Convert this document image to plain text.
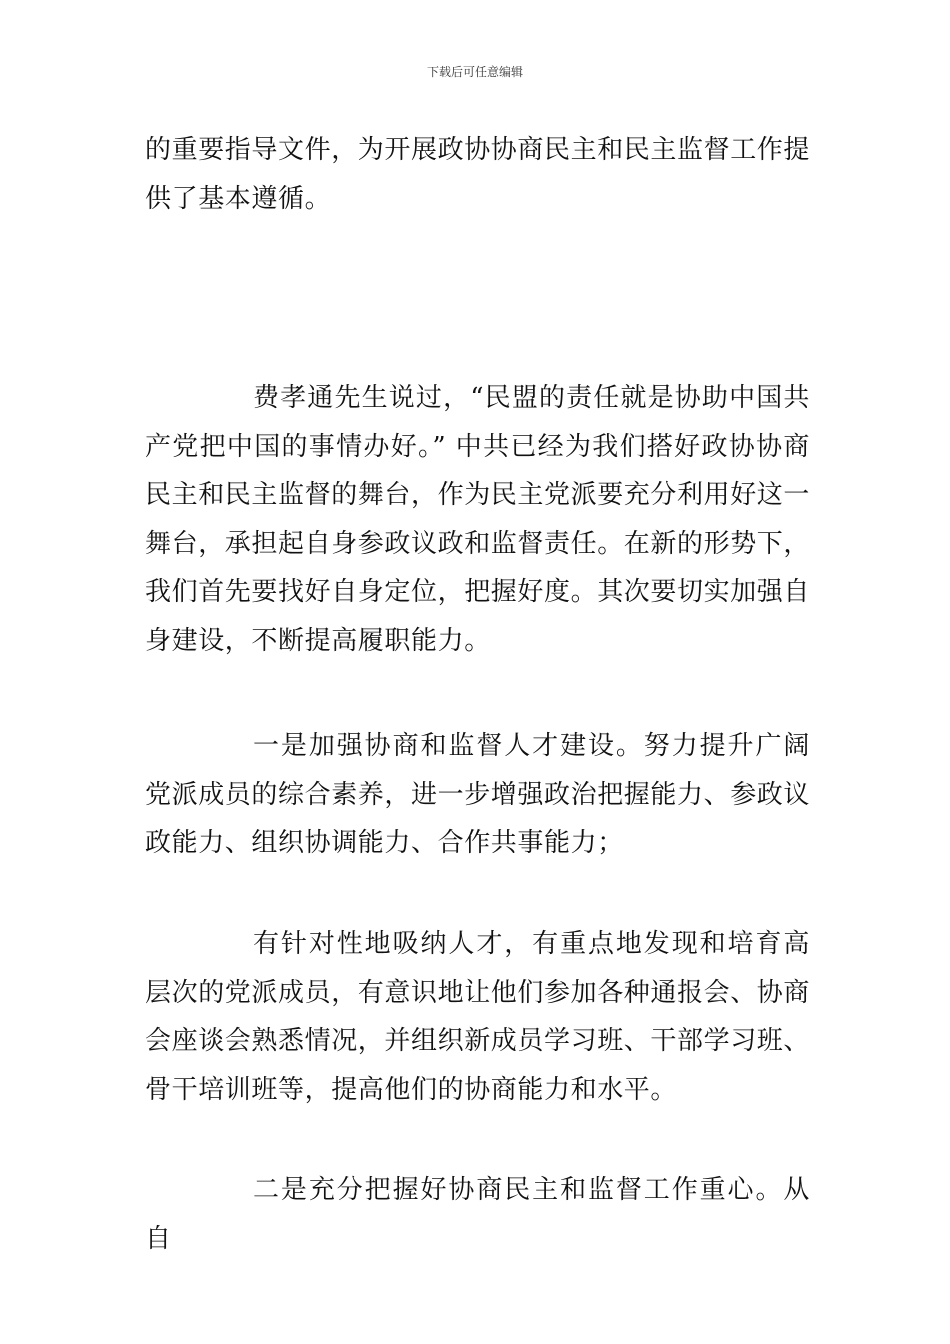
下载后可任意编辑

的重要指导文件，为开展政协协商民主和民主监督工作提供了基本遵循。

费孝通先生说过，“民盟的责任就是协助中国共产党把中国的事情办好。” 中共已经为我们搭好政协协商民主和民主监督的舞台，作为民主党派要充分利用好这一舞台，承担起自身参政议政和监督责任。在新的形势下，我们首先要找好自身定位，把握好度。其次要切实加强自身建设，不断提高履职能力。

一是加强协商和监督人才建设。努力提升广阔党派成员的综合素养，进一步增强政治把握能力、参政议政能力、组织协调能力、合作共事能力；

有针对性地吸纳人才，有重点地发现和培育高层次的党派成员，有意识地让他们参加各种通报会、协商会座谈会熟悉情况，并组织新成员学习班、干部学习班、骨干培训班等，提高他们的协商能力和水平。

二是充分把握好协商民主和监督工作重心。从自
